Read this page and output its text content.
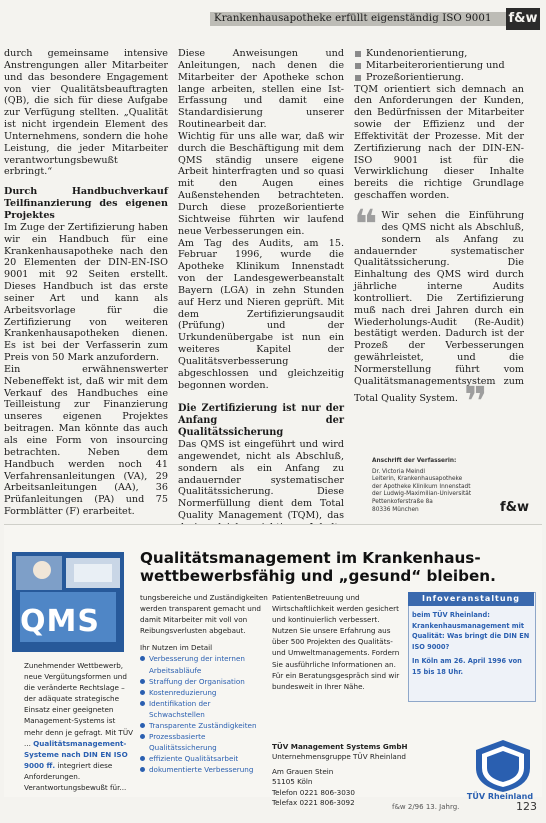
Krankenhausapotheke erfüllt eigenständig ISO 9001 f&w

durch gemeinsame intensive Anstrengungen aller Mitarbeiter und das besondere Engagement von vier Qualitätsbeauftragten (QB), die sich für diese Aufgabe zur Verfügung stellten. „Qualität ist nicht irgendein Element des Unternehmens, sondern die hohe Leistung, die jeder Mitarbeiter verantwortungsbewußt erbringt.“

Durch Handbuchverkauf Teilfinanzierung des eigenen Projektes

Im Zuge der Zertifizierung haben wir ein Handbuch für eine Krankenhausapotheke nach den 20 Elementen der DIN-EN-ISO 9001 mit 92 Seiten erstellt. Dieses Handbuch ist das erste seiner Art und kann als Arbeitsvorlage für die Zertifizierung von weiteren Krankenhausapotheken dienen. Es ist bei der Verfasserin zum Preis von 50 Mark anzufordern.

Ein erwähnenswerter Nebeneffekt ist, daß wir mit dem Verkauf des Handbuches eine Teilleistung zur Finanzierung unseres eigenen Projektes beitragen. Man könnte das auch als eine Form von insourcing betrachten. Neben dem Handbuch werden noch 41 Verfahrensanleitungen (VA), 29 Arbeitsanleitungen (AA), 36 Prüfanleitungen (PA) und 75 Formblätter (F) erarbeitet.

Diese Anweisungen und Anleitungen, nach denen die Mitarbeiter der Apotheke schon lange arbeiten, stellen eine Ist-Erfassung und damit eine Standardisierung unserer Routinearbeit dar.

Wichtig für uns alle war, daß wir durch die Beschäftigung mit dem QMS ständig unsere eigene Arbeit hinterfragten und so quasi mit den Augen eines Außenstehenden betrachteten. Durch diese prozeßorientierte Sichtweise führten wir laufend neue Verbesserungen ein.

Am Tag des Audits, am 15. Februar 1996, wurde die Apotheke Klinikum Innenstadt von der Landesgewerbeanstalt Bayern (LGA) in zehn Stunden auf Herz und Nieren geprüft. Mit dem Zertifizierungsaudit (Prüfung) und der Urkundenübergabe ist nun ein weiteres Kapitel der Qualitätsverbesserung abgeschlossen und gleichzeitig begonnen worden.

Die Zertifizierung ist nur der Anfang der Qualitätssicherung

Das QMS ist eingeführt und wird angewendet, nicht als Abschluß, sondern als ein Anfang zu andauernder systematischer Qualitätssicherung. Diese Normerfüllung dient dem Total Quality Management (TQM), das

Kundenorientierung,
Mitarbeiterorientierung und
Prozeßorientierung.

TQM orientiert sich demnach an den Anforderungen der Kunden, den Bedürfnissen der Mitarbeiter sowie der Effizienz und der Effektivität der Prozesse. Mit der Zertifizierung nach der DIN-EN-ISO 9001 ist für die Verwirklichung dieser Inhalte bereits die richtige Grundlage geschaffen worden.

❝ Wir sehen die Einführung des QMS nicht als Abschluß, sondern als Anfang zu andauernder systematischer Qualitätssicherung. Die Einhaltung des QMS wird durch jährliche interne Audits kontrolliert. Die Zertifizierung muß nach drei Jahren durch ein Wiederholungs-Audit (Re-Audit) bestätigt werden. Dadurch ist der Prozeß der Verbesserungen gewährleistet, und die Normerstellung führt vom Qualitätsmanagementsystem zum Total Quality System. ❞

Anschrift der Verfasserin:
Dr. Victoria Meindl
Leiterin, Krankenhausapotheke
der Apotheke Klinikum Innenstadt
der Ludwig-Maximilian-Universität
Pettenkoferstraße 8a
80336 München	f&w
QMS
Qualitätsmanagement im Krankenhaus- wettbewerbsfähig und „gesund“ bleiben.

Zunehmender Wettbewerb, neue Vergütungsformen und die veränderte Rechtslage – der adäquate strategische Einsatz einer geeigneten Management-Systems ist mehr denn je gefragt. Mit TÜV ... Qualitätsmanagement-Systeme nach DIN EN ISO 9000 ff. integriert diese Anforderungen. Verantwortungsbewußt für...

tungsbereiche und Zuständigkeiten werden transparent gemacht und damit Mitarbeiter mit voll von Reibungsverlusten abgebaut.

Ihr Nutzen im Detail

Verbesserung der internen Arbeitsabläufe
Straffung der Organisation
Kostenreduzierung
Identifikation der Schwachstellen
Transparente Zuständigkeiten
Prozessbasierte Qualitätssicherung
effiziente Qualitätsarbeit
dokumentierte Verbesserung

PatientenBetreuung und Wirtschaftlichkeit werden gesichert und kontinuierlich verbessert. Nutzen Sie unsere Erfahrung aus über 500 Projekten des Qualitäts- und Umweltmanagements. Fordern Sie ausführliche Informationen an. Für ein Beratungsgespräch sind wir bundesweit in Ihrer Nähe.

Infoveranstaltung

beim TÜV Rheinland:

Krankenhausmanagement mit Qualität: Was bringt die DIN EN ISO 9000?

In Köln am 26. April 1996 von 15 bis 18 Uhr.

TÜV Management Systems GmbH

Unternehmensgruppe TÜV Rheinland

Am Grauen Stein

51105 Köln

Telefon 0221 806-3030

Telefax 0221 806-3092

TÜV Rheinland
f&w 2/96 13. Jahrg.	123
